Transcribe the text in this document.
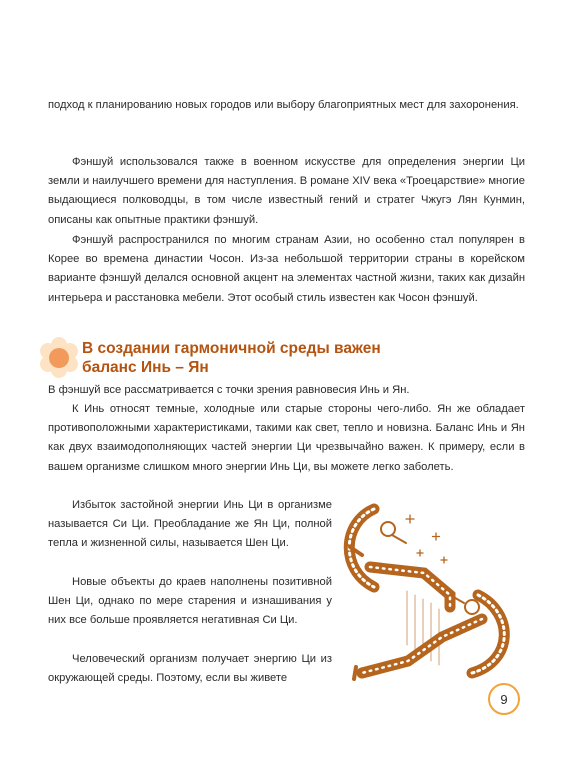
подход к планированию новых городов или выбору благоприятных мест для захоронения.

Фэншуй использовался также в военном искусстве для определения энергии Ци земли и наилучшего времени для наступления. В романе XIV века «Троецарствие» многие выдающиеся полководцы, в том числе известный гений и стратег Чжугэ Лян Кунмин, описаны как опытные практики фэншуй.

Фэншуй распространился по многим странам Азии, но особенно стал популярен в Корее во времена династии Чосон. Из-за небольшой территории страны в корейском варианте фэншуй делался основной акцент на элементах частной жизни, таких как дизайн интерьера и расстановка мебели. Этот особый стиль известен как Чосон фэншуй.

В создании гармоничной среды важен баланс Инь – Ян

В фэншуй все рассматривается с точки зрения равновесия Инь и Ян.

К Инь относят темные, холодные или старые стороны чего-либо. Ян же обладает противоположными характеристиками, такими как свет, тепло и новизна. Баланс Инь и Ян как двух взаимодополняющих частей энергии Ци чрезвычайно важен. К примеру, если в вашем организме слишком много энергии Инь Ци, вы можете легко заболеть.

Избыток застойной энергии Инь Ци в организме называется Си Ци. Преобладание же Ян Ци, полной тепла и жизненной силы, называется Шен Ци.

Новые объекты до краев наполнены позитивной Шен Ци, однако по мере старения и изнашивания у них все больше проявляется негативная Си Ци.

Человеческий организм получает энергию Ци из окружающей среды. Поэтому, если вы живете

9
